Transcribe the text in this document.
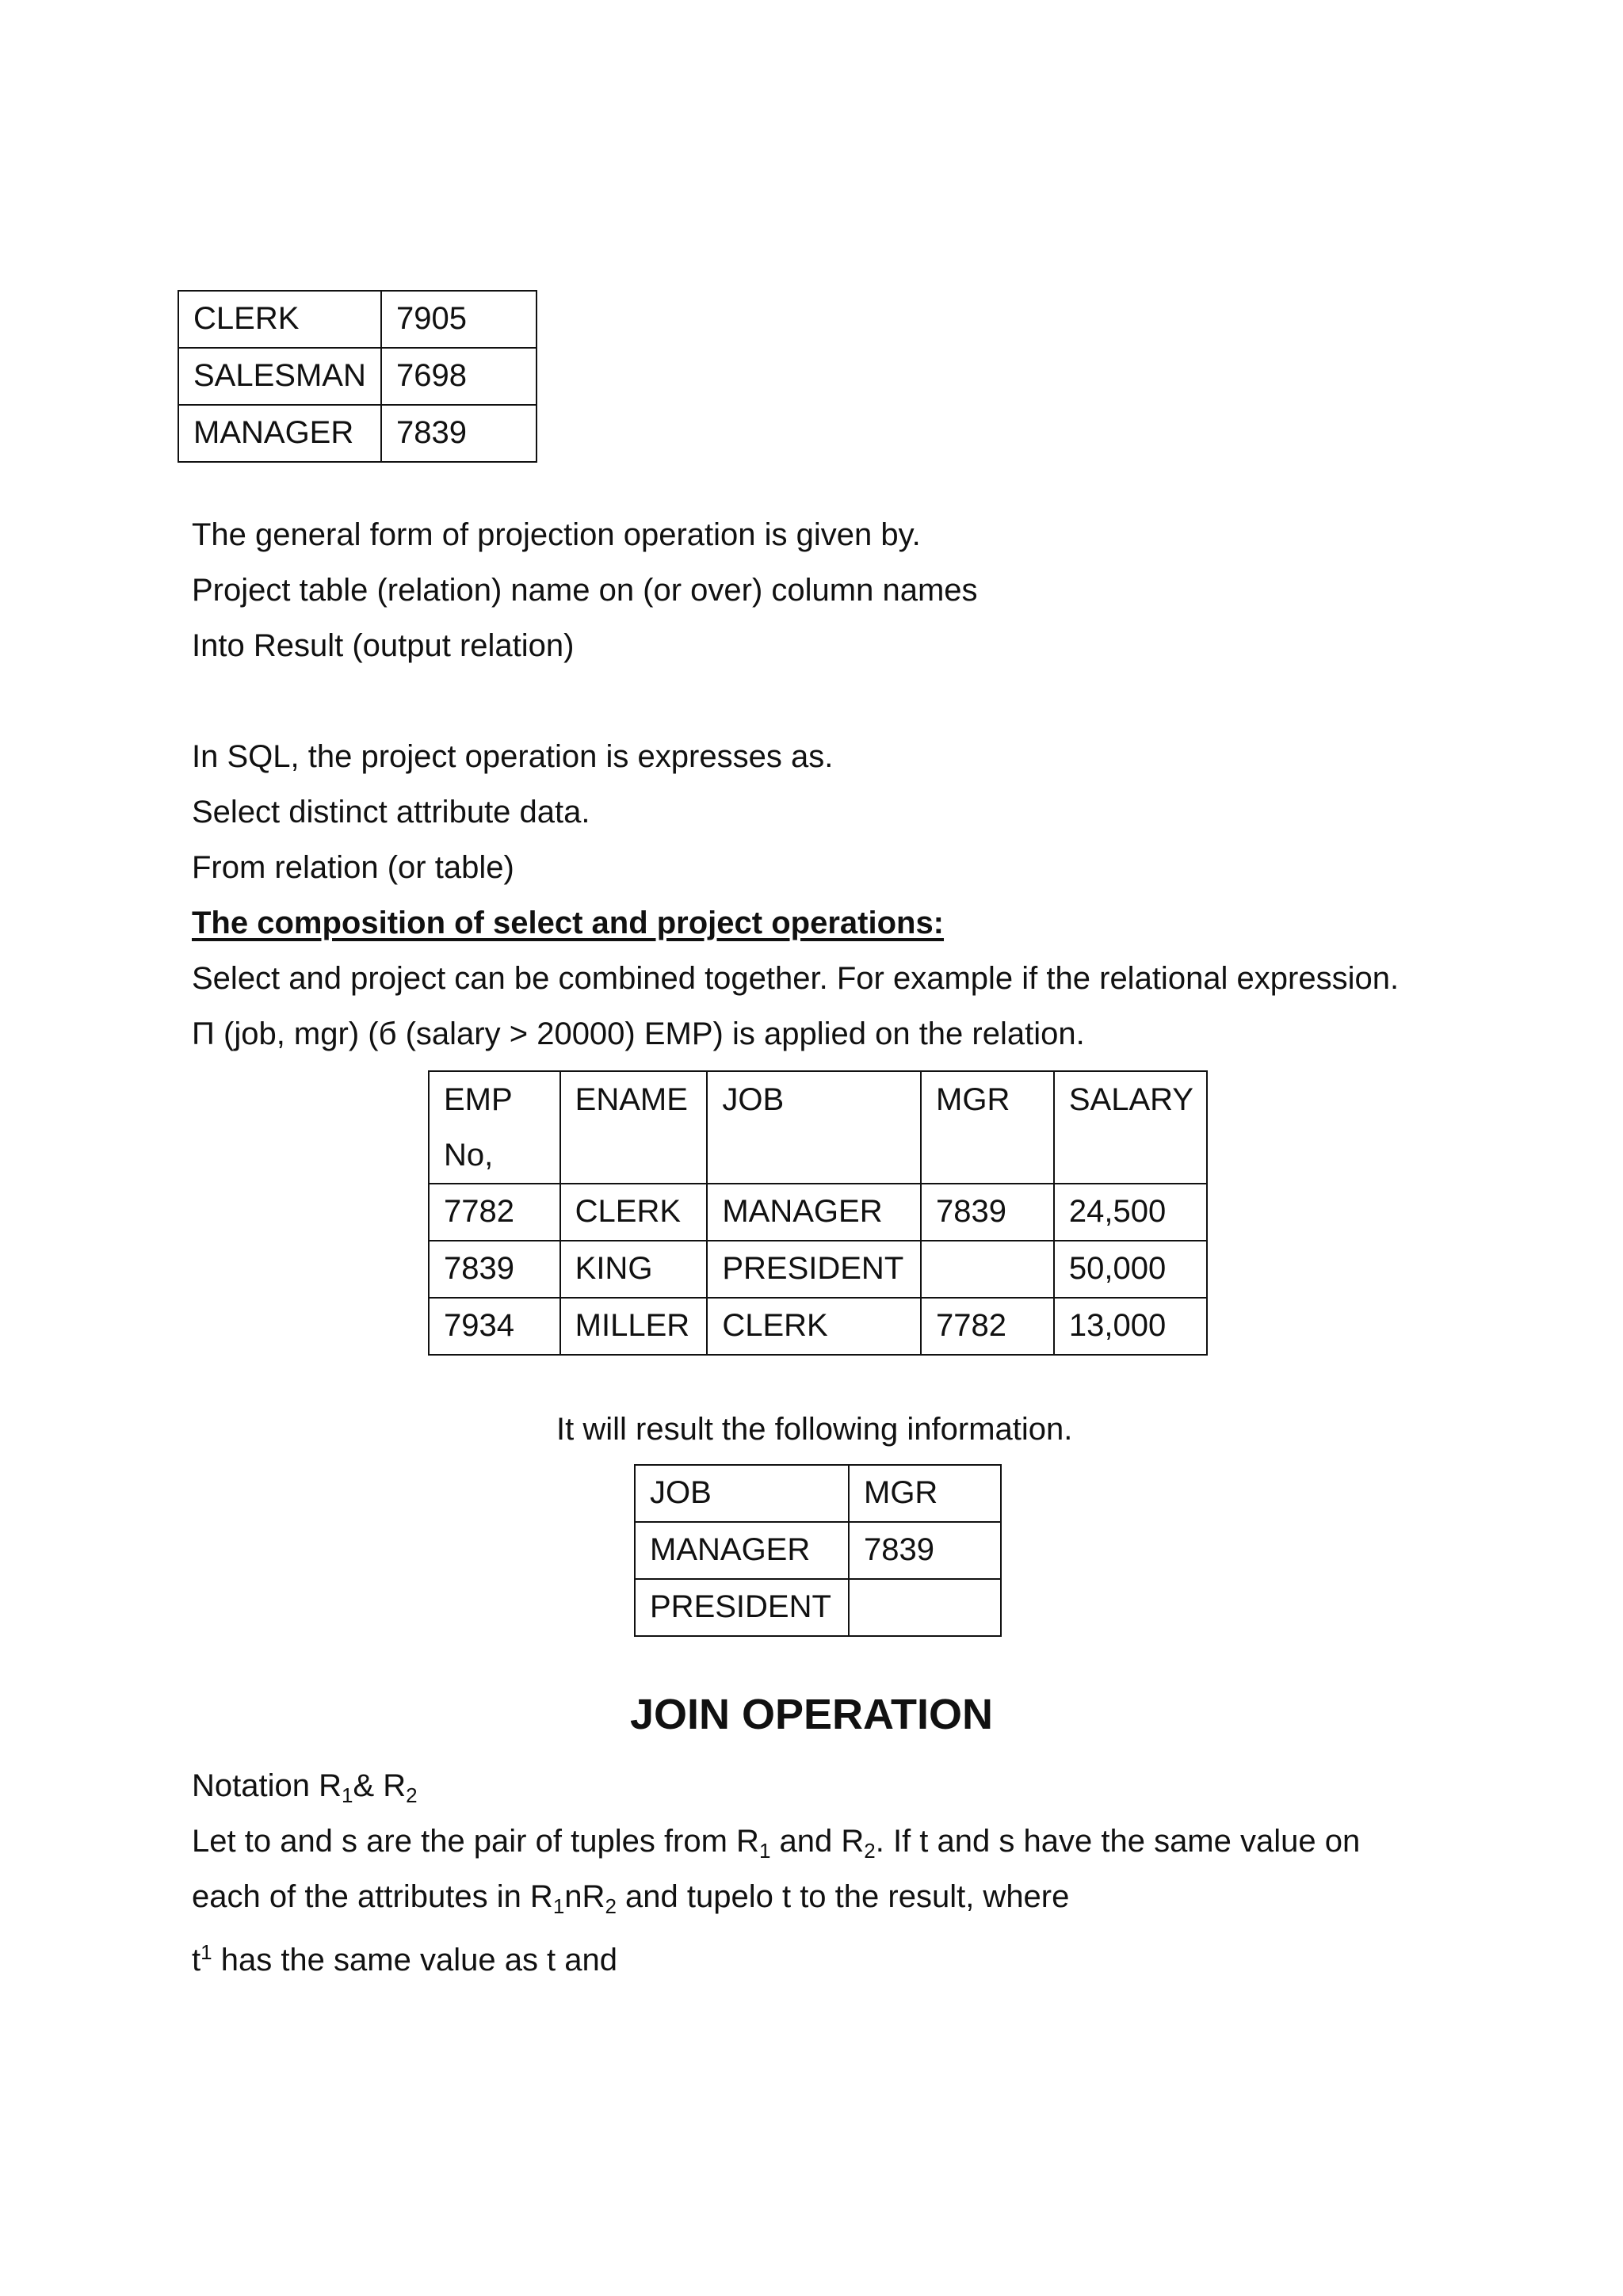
CLERK	7905
SALESMAN	7698
MANAGER	7839
The general form of projection operation is given by.
Project table (relation) name on (or over) column names
Into Result (output relation)
In SQL, the project operation is expresses as.
Select distinct attribute data.
From relation (or table)
The composition of select and project operations:
Select and project can be combined together. For example if the relational expression.
Π (job, mgr) (б (salary > 20000) EMP) is applied on the relation.
EMP No,	ENAME	JOB	MGR	SALARY
7782	CLERK	MANAGER	7839	24,500
7839	KING	PRESIDENT		50,000
7934	MILLER	CLERK	7782	13,000
It will result the following information.
JOB	MGR
MANAGER	7839
PRESIDENT	
JOIN OPERATION
Notation $R_1\&$ $R_2$
Let to and s are the pair of tuples from $R_1$ and $R_2$. If t and s have the same value on
each of the attributes in $R_1nR_2$ and tupelo t to the result, where
$t^1$ has the same value as t and
